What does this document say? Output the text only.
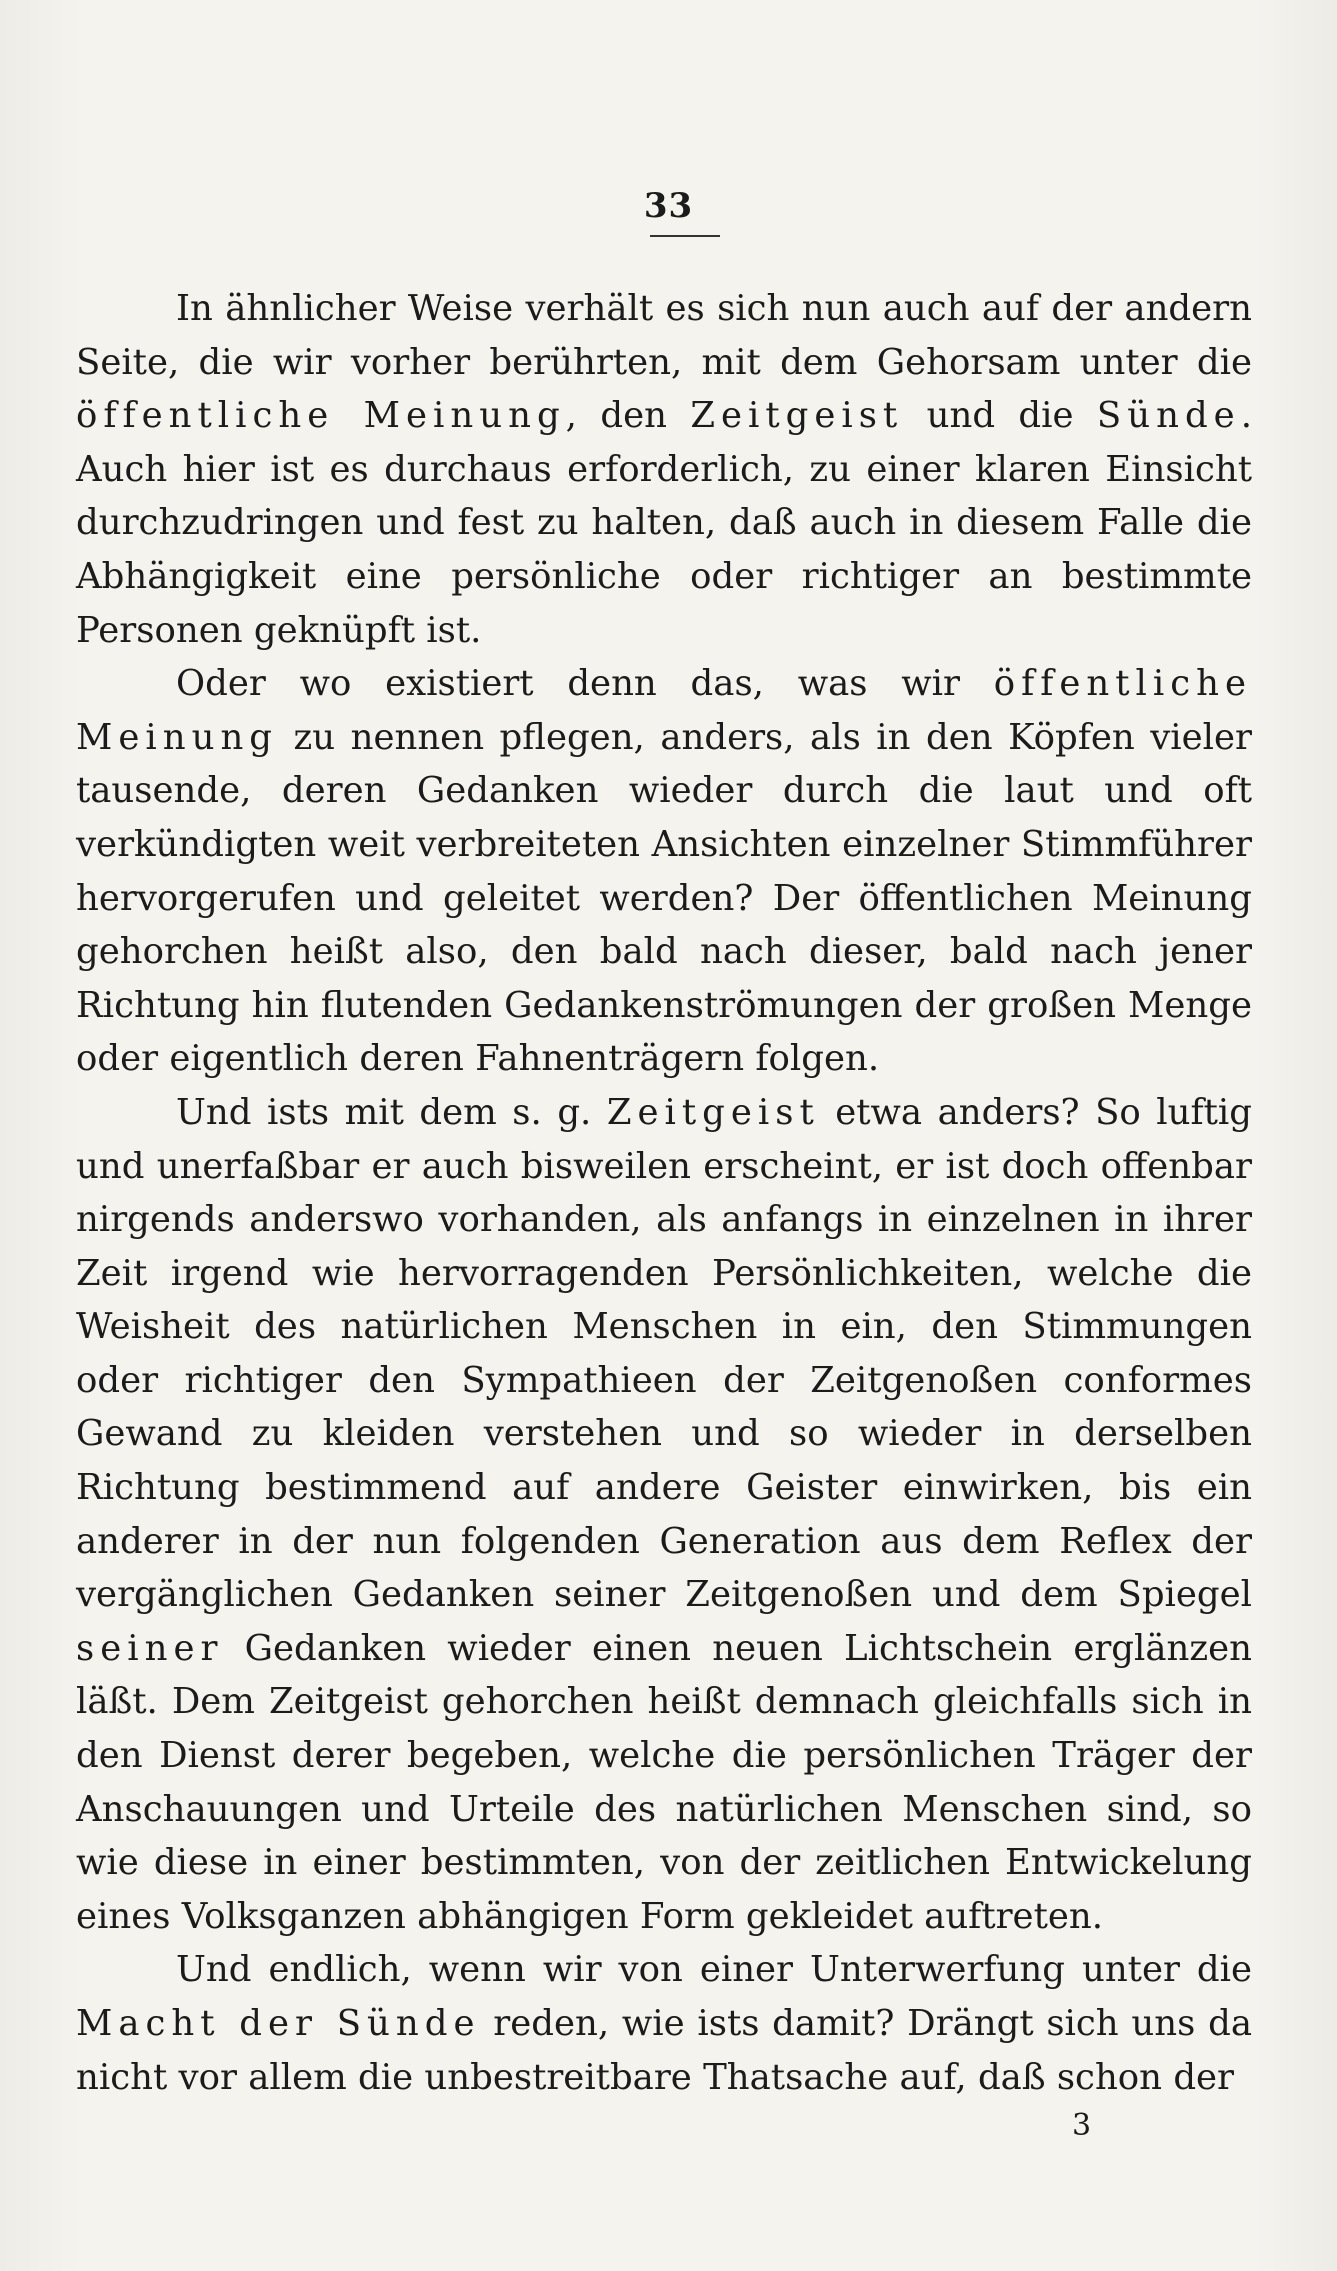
33

In ähnlicher Weise verhält es sich nun auch auf der andern Seite, die wir vorher berührten, mit dem Gehorsam unter die öffentliche Meinung, den Zeitgeist und die Sünde. Auch hier ist es durchaus erforderlich, zu einer klaren Einsicht durchzudringen und fest zu halten, daß auch in diesem Falle die Abhängigkeit eine persönliche oder richtiger an bestimmte Personen geknüpft ist.

Oder wo existiert denn das, was wir öffentliche Meinung zu nennen pflegen, anders, als in den Köpfen vieler tausende, deren Gedanken wieder durch die laut und oft verkündigten weit verbreiteten Ansichten einzelner Stimmführer hervorgerufen und geleitet werden? Der öffentlichen Meinung gehorchen heißt also, den bald nach dieser, bald nach jener Richtung hin flutenden Gedankenströmungen der großen Menge oder eigentlich deren Fahnenträgern folgen.

Und ists mit dem s. g. Zeitgeist etwa anders? So luftig und unerfaßbar er auch bisweilen erscheint, er ist doch offenbar nirgends anderswo vorhanden, als anfangs in einzelnen in ihrer Zeit irgend wie hervorragenden Persönlichkeiten, welche die Weisheit des natürlichen Menschen in ein, den Stimmungen oder richtiger den Sympathieen der Zeitgenoßen conformes Gewand zu kleiden verstehen und so wieder in derselben Richtung bestimmend auf andere Geister einwirken, bis ein anderer in der nun folgenden Generation aus dem Reflex der vergänglichen Gedanken seiner Zeitgenoßen und dem Spiegel seiner Gedanken wieder einen neuen Lichtschein erglänzen läßt. Dem Zeitgeist gehorchen heißt demnach gleichfalls sich in den Dienst derer begeben, welche die persönlichen Träger der Anschauungen und Urteile des natürlichen Menschen sind, so wie diese in einer bestimmten, von der zeitlichen Entwickelung eines Volksganzen abhängigen Form gekleidet auftreten.

Und endlich, wenn wir von einer Unterwerfung unter die Macht der Sünde reden, wie ists damit? Drängt sich uns da nicht vor allem die unbestreitbare Thatsache auf, daß schon der

3
